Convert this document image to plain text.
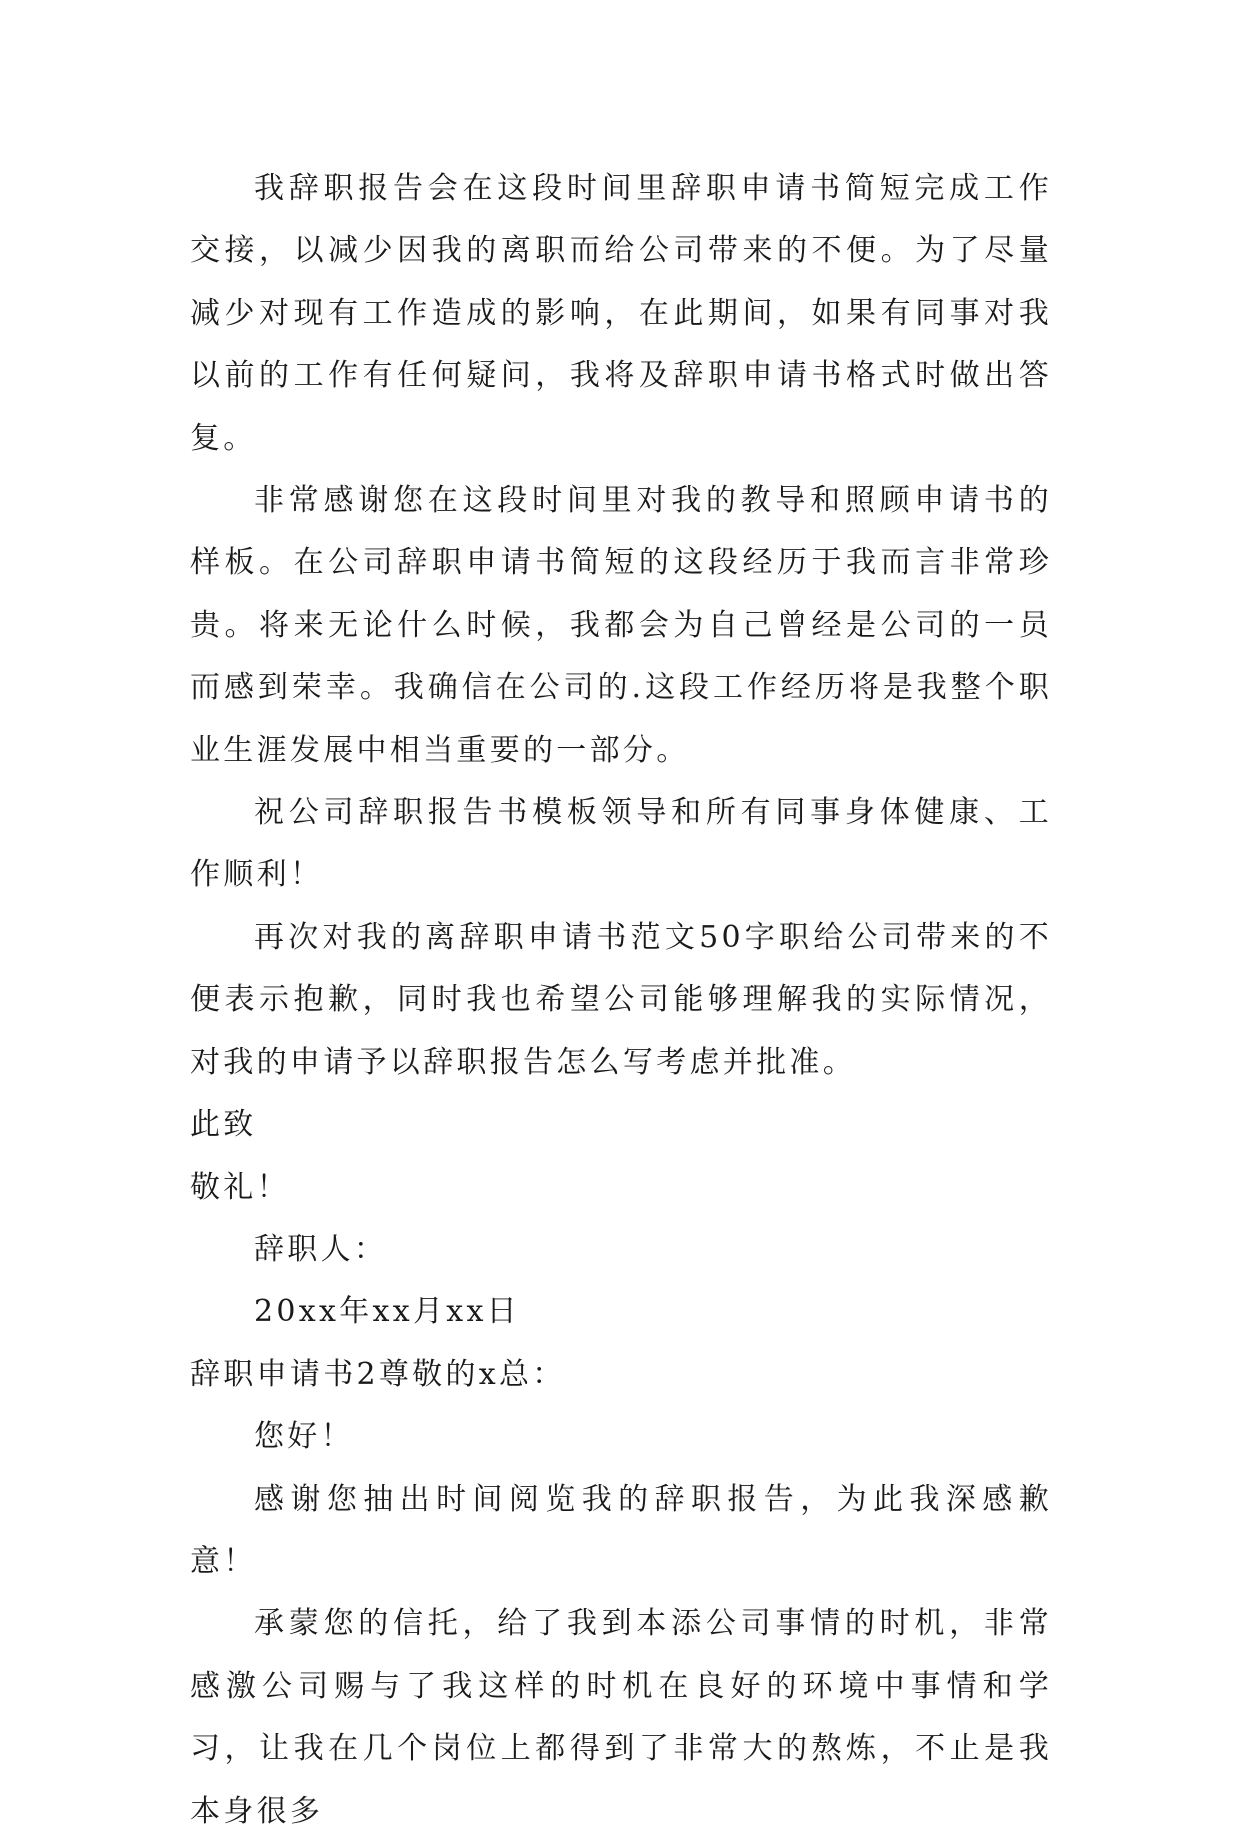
我辞职报告会在这段时间里辞职申请书简短完成工作交接，以减少因我的离职而给公司带来的不便。为了尽量减少对现有工作造成的影响，在此期间，如果有同事对我以前的工作有任何疑问，我将及辞职申请书格式时做出答复。

非常感谢您在这段时间里对我的教导和照顾申请书的样板。在公司辞职申请书简短的这段经历于我而言非常珍贵。将来无论什么时候，我都会为自己曾经是公司的一员而感到荣幸。我确信在公司的.这段工作经历将是我整个职业生涯发展中相当重要的一部分。

祝公司辞职报告书模板领导和所有同事身体健康、工作顺利！

再次对我的离辞职申请书范文50字职给公司带来的不便表示抱歉，同时我也希望公司能够理解我的实际情况，对我的申请予以辞职报告怎么写考虑并批准。

此致

敬礼！

辞职人：

20xx年xx月xx日

辞职申请书2尊敬的x总：

您好！

感谢您抽出时间阅览我的辞职报告，为此我深感歉意！

承蒙您的信托，给了我到本添公司事情的时机，非常感激公司赐与了我这样的时机在良好的环境中事情和学习，让我在几个岗位上都得到了非常大的熬炼，不止是我本身很多
